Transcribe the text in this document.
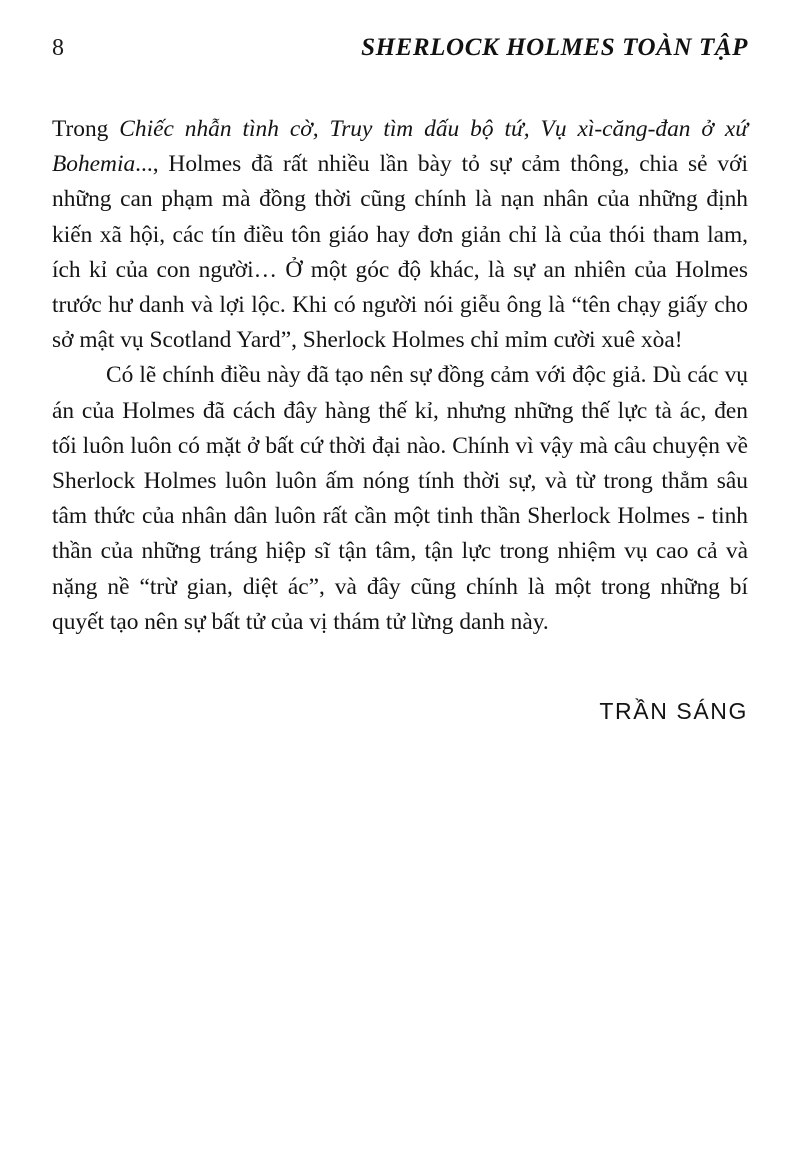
8	SHERLOCK HOLMES TOÀN TẬP

Trong Chiếc nhẫn tình cờ, Truy tìm dấu bộ tứ, Vụ xì-căng-đan ở xứ Bohemia..., Holmes đã rất nhiều lần bày tỏ sự cảm thông, chia sẻ với những can phạm mà đồng thời cũng chính là nạn nhân của những định kiến xã hội, các tín điều tôn giáo hay đơn giản chỉ là của thói tham lam, ích kỉ của con người… Ở một góc độ khác, là sự an nhiên của Holmes trước hư danh và lợi lộc. Khi có người nói giễu ông là “tên chạy giấy cho sở mật vụ Scotland Yard”, Sherlock Holmes chỉ mỉm cười xuê xòa!

Có lẽ chính điều này đã tạo nên sự đồng cảm với độc giả. Dù các vụ án của Holmes đã cách đây hàng thế kỉ, nhưng những thế lực tà ác, đen tối luôn luôn có mặt ở bất cứ thời đại nào. Chính vì vậy mà câu chuyện về Sherlock Holmes luôn luôn ấm nóng tính thời sự, và từ trong thẳm sâu tâm thức của nhân dân luôn rất cần một tinh thần Sherlock Holmes - tinh thần của những tráng hiệp sĩ tận tâm, tận lực trong nhiệm vụ cao cả và nặng nề “trừ gian, diệt ác”, và đây cũng chính là một trong những bí quyết tạo nên sự bất tử của vị thám tử lừng danh này.

TRẦN SÁNG
